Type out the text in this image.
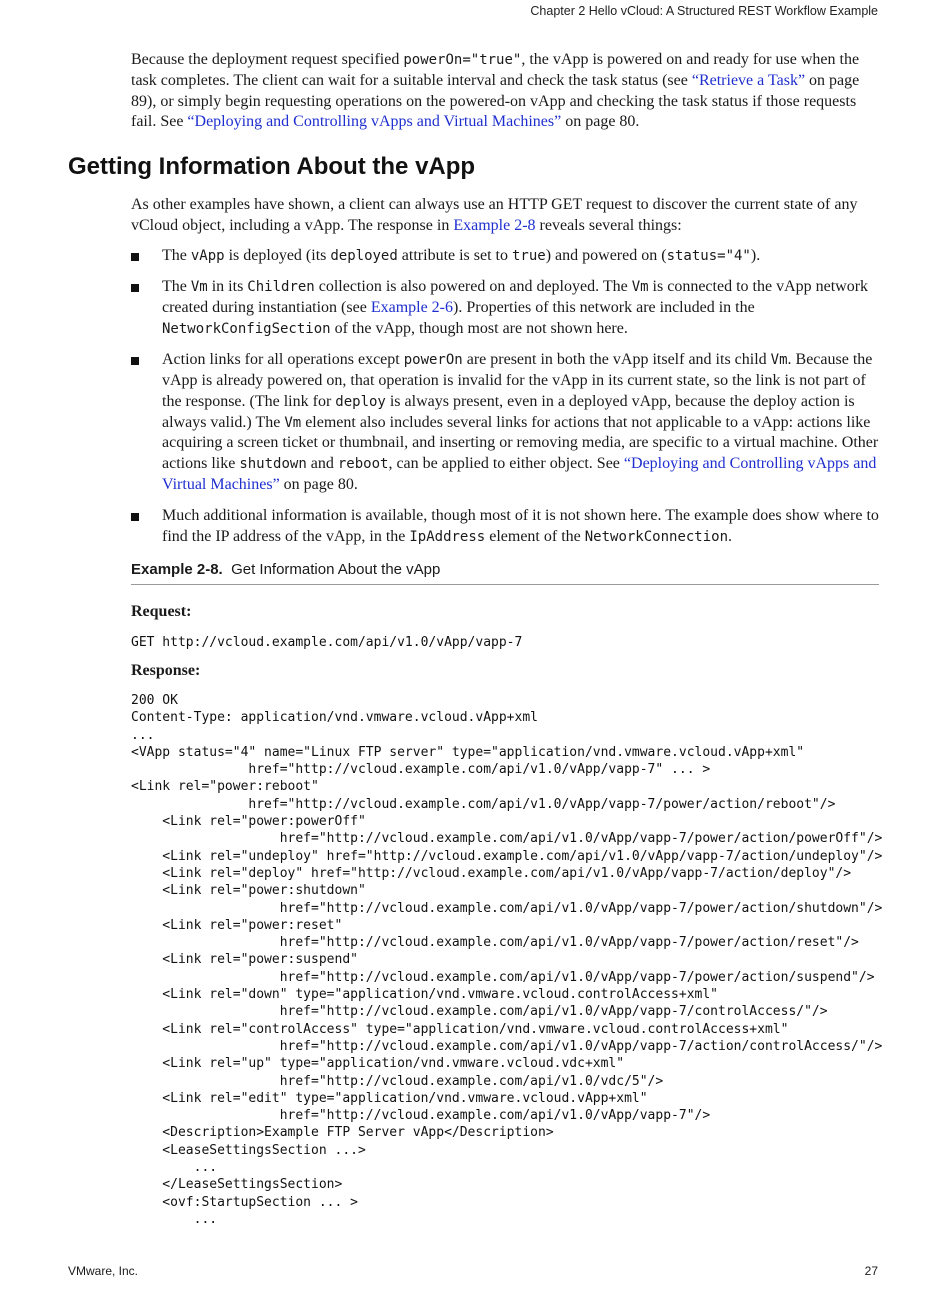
Chapter 2 Hello vCloud: A Structured REST Workflow Example

Because the deployment request specified powerOn="true", the vApp is powered on and ready for use when the task completes. The client can wait for a suitable interval and check the task status (see “Retrieve a Task” on page 89), or simply begin requesting operations on the powered-on vApp and checking the task status if those requests fail. See “Deploying and Controlling vApps and Virtual Machines” on page 80.

Getting Information About the vApp

As other examples have shown, a client can always use an HTTP GET request to discover the current state of any vCloud object, including a vApp. The response in Example 2-8 reveals several things:

The vApp is deployed (its deployed attribute is set to true) and powered on (status="4").
The Vm in its Children collection is also powered on and deployed. The Vm is connected to the vApp network created during instantiation (see Example 2-6). Properties of this network are included in the NetworkConfigSection of the vApp, though most are not shown here.
Action links for all operations except powerOn are present in both the vApp itself and its child Vm. Because the vApp is already powered on, that operation is invalid for the vApp in its current state, so the link is not part of the response. (The link for deploy is always present, even in a deployed vApp, because the deploy action is always valid.) The Vm element also includes several links for actions that not applicable to a vApp: actions like acquiring a screen ticket or thumbnail, and inserting or removing media, are specific to a virtual machine. Other actions like shutdown and reboot, can be applied to either object. See “Deploying and Controlling vApps and Virtual Machines” on page 80.
Much additional information is available, though most of it is not shown here. The example does show where to find the IP address of the vApp, in the IpAddress element of the NetworkConnection.

Example 2-8. Get Information About the vApp

Request:

GET http://vcloud.example.com/api/v1.0/vApp/vapp-7

Response:

200 OK
Content-Type: application/vnd.vmware.vcloud.vApp+xml
...
<VApp status="4" name="Linux FTP server" type="application/vnd.vmware.vcloud.vApp+xml"
href="http://vcloud.example.com/api/v1.0/vApp/vapp-7" ... >
<Link rel="power:reboot"
href="http://vcloud.example.com/api/v1.0/vApp/vapp-7/power/action/reboot"/>
<Link rel="power:powerOff"
href="http://vcloud.example.com/api/v1.0/vApp/vapp-7/power/action/powerOff"/>
<Link rel="undeploy" href="http://vcloud.example.com/api/v1.0/vApp/vapp-7/action/undeploy"/>
<Link rel="deploy" href="http://vcloud.example.com/api/v1.0/vApp/vapp-7/action/deploy"/>
<Link rel="power:shutdown"
href="http://vcloud.example.com/api/v1.0/vApp/vapp-7/power/action/shutdown"/>
<Link rel="power:reset"
href="http://vcloud.example.com/api/v1.0/vApp/vapp-7/power/action/reset"/>
<Link rel="power:suspend"
href="http://vcloud.example.com/api/v1.0/vApp/vapp-7/power/action/suspend"/>
<Link rel="down" type="application/vnd.vmware.vcloud.controlAccess+xml"
href="http://vcloud.example.com/api/v1.0/vApp/vapp-7/controlAccess/"/>
<Link rel="controlAccess" type="application/vnd.vmware.vcloud.controlAccess+xml"
href="http://vcloud.example.com/api/v1.0/vApp/vapp-7/action/controlAccess/"/>
<Link rel="up" type="application/vnd.vmware.vcloud.vdc+xml"
href="http://vcloud.example.com/api/v1.0/vdc/5"/>
<Link rel="edit" type="application/vnd.vmware.vcloud.vApp+xml"
href="http://vcloud.example.com/api/v1.0/vApp/vapp-7"/>
<Description>Example FTP Server vApp</Description>
<LeaseSettingsSection ...>
...
</LeaseSettingsSection>
<ovf:StartupSection ... >
...
VMware, Inc.	27
